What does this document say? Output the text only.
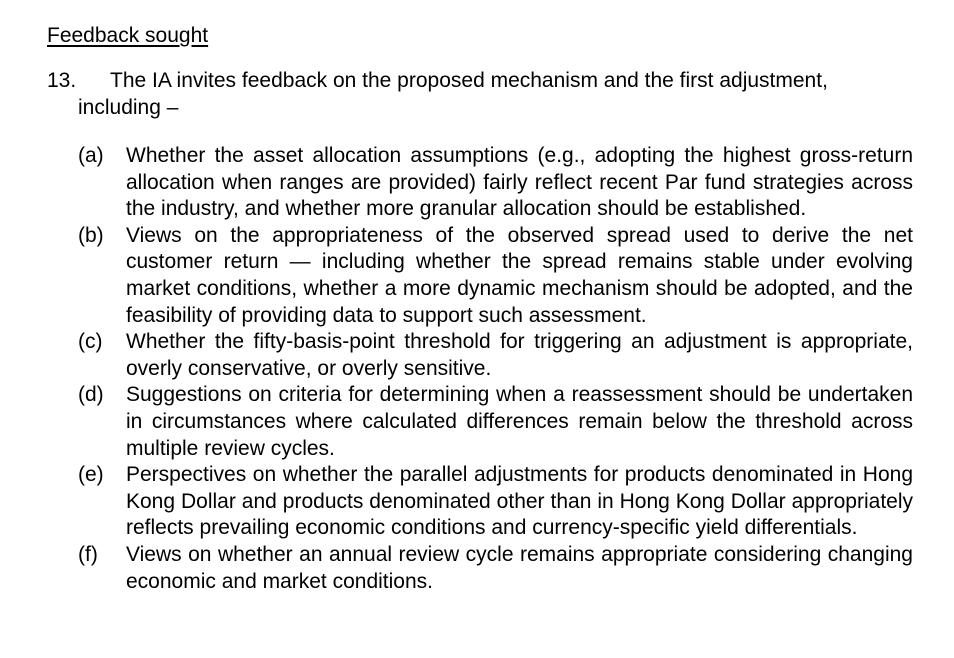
Feedback sought
13.	The IA invites feedback on the proposed mechanism and the first adjustment,
including –
(a)	Whether the asset allocation assumptions (e.g., adopting the highest gross-return allocation when ranges are provided) fairly reflect recent Par fund strategies across the industry, and whether more granular allocation should be established.
(b)	Views on the appropriateness of the observed spread used to derive the net customer return — including whether the spread remains stable under evolving market conditions, whether a more dynamic mechanism should be adopted, and the feasibility of providing data to support such assessment.
(c)	Whether the fifty-basis-point threshold for triggering an adjustment is appropriate, overly conservative, or overly sensitive.
(d)	Suggestions on criteria for determining when a reassessment should be undertaken in circumstances where calculated differences remain below the threshold across multiple review cycles.
(e)	Perspectives on whether the parallel adjustments for products denominated in Hong Kong Dollar and products denominated other than in Hong Kong Dollar appropriately reflects prevailing economic conditions and currency-specific yield differentials.
(f)	Views on whether an annual review cycle remains appropriate considering changing economic and market conditions.
